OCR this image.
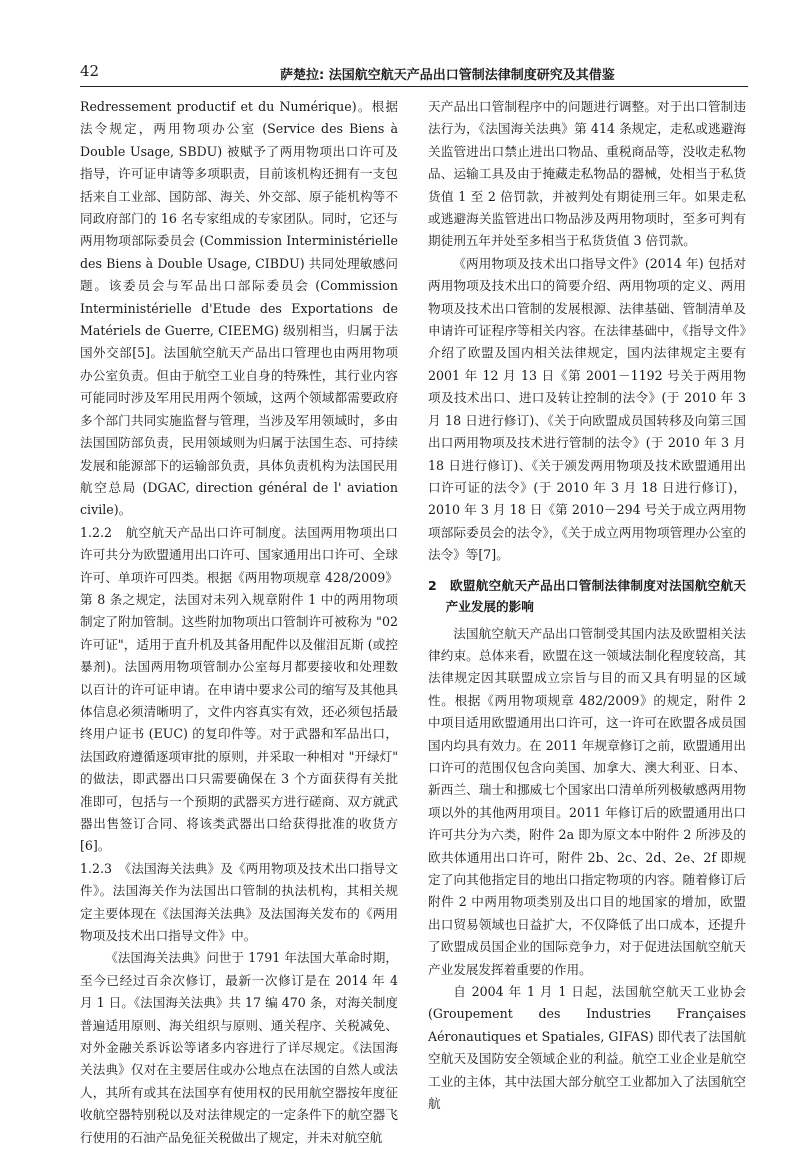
42	萨楚拉: 法国航空航天产品出口管制法律制度研究及其借鉴

Redressement productif et du Numérique)。根据法令规定，两用物项办公室 (Service des Biens à Double Usage, SBDU) 被赋予了两用物项出口许可及指导，许可证申请等多项职责，目前该机构还拥有一支包括来自工业部、国防部、海关、外交部、原子能机构等不同政府部门的 16 名专家组成的专家团队。同时，它还与两用物项部际委员会 (Commission Interministérielle des Biens à Double Usage, CIBDU) 共同处理敏感问题。该委员会与军品出口部际委员会 (Commission Interministérielle d'Etude des Exportations de Matériels de Guerre, CIEEMG) 级别相当，归属于法国外交部[5]。法国航空航天产品出口管理也由两用物项办公室负责。但由于航空工业自身的特殊性，其行业内容可能同时涉及军用民用两个领域，这两个领域都需要政府多个部门共同实施监督与管理，当涉及军用领域时，多由法国国防部负责，民用领域则为归属于法国生态、可持续发展和能源部下的运输部负责，具体负责机构为法国民用航空总局 (DGAC, direction général de l' aviation civile)。

1.2.2　航空航天产品出口许可制度。法国两用物项出口许可共分为欧盟通用出口许可、国家通用出口许可、全球许可、单项许可四类。根据《两用物项规章 428/2009》第 8 条之规定，法国对未列入规章附件 1 中的两用物项制定了附加管制。这些附加物项出口管制许可被称为 "02 许可证"，适用于直升机及其备用配件以及催泪瓦斯 (或控暴剂)。法国两用物项管制办公室每月都要接收和处理数以百计的许可证申请。在申请中要求公司的缩写及其他具体信息必须清晰明了，文件内容真实有效，还必须包括最终用户证书 (EUC) 的复印件等。对于武器和军品出口，法国政府遵循逐项审批的原则，并采取一种相对 "开绿灯" 的做法，即武器出口只需要确保在 3 个方面获得有关批准即可，包括与一个预期的武器买方进行磋商、双方就武器出售签订合同、将该类武器出口给获得批准的收货方[6]。

1.2.3　《法国海关法典》及《两用物项及技术出口指导文件》。法国海关作为法国出口管制的执法机构，其相关规定主要体现在《法国海关法典》及法国海关发布的《两用物项及技术出口指导文件》中。

《法国海关法典》问世于 1791 年法国大革命时期，至今已经过百余次修订，最新一次修订是在 2014 年 4 月 1 日。《法国海关法典》共 17 编 470 条，对海关制度普遍适用原则、海关组织与原则、通关程序、关税减免、对外金融关系诉讼等诸多内容进行了详尽规定。《法国海关法典》仅对在主要居住或办公地点在法国的自然人或法人，其所有或其在法国享有使用权的民用航空器按年度征收航空器特别税以及对法律规定的一定条件下的航空器飞行使用的石油产品免征关税做出了规定，并未对航空航

天产品出口管制程序中的问题进行调整。对于出口管制违法行为，《法国海关法典》第 414 条规定，走私或逃避海关监管进出口禁止进出口物品、重税商品等，没收走私物品、运输工具及由于掩藏走私物品的器械，处相当于私货货值 1 至 2 倍罚款，并被判处有期徒刑三年。如果走私或逃避海关监管进出口物品涉及两用物项时，至多可判有期徒刑五年并处至多相当于私货货值 3 倍罚款。

《两用物项及技术出口指导文件》(2014 年) 包括对两用物项及技术出口的简要介绍、两用物项的定义、两用物项及技术出口管制的发展根源、法律基础、管制清单及申请许可证程序等相关内容。在法律基础中，《指导文件》介绍了欧盟及国内相关法律规定，国内法律规定主要有 2001 年 12 月 13 日《第 2001－1192 号关于两用物项及技术出口、进口及转让控制的法令》(于 2010 年 3 月 18 日进行修订)、《关于向欧盟成员国转移及向第三国出口两用物项及技术进行管制的法令》(于 2010 年 3 月 18 日进行修订)、《关于颁发两用物项及技术欧盟通用出口许可证的法令》(于 2010 年 3 月 18 日进行修订)，2010 年 3 月 18 日《第 2010－294 号关于成立两用物项部际委员会的法令》，《关于成立两用物项管理办公室的法令》等[7]。

2　欧盟航空航天产品出口管制法律制度对法国航空航天产业发展的影响

法国航空航天产品出口管制受其国内法及欧盟相关法律约束。总体来看，欧盟在这一领域法制化程度较高，其法律规定因其联盟成立宗旨与目的而又具有明显的区域性。根据《两用物项规章 482/2009》的规定，附件 2 中项目适用欧盟通用出口许可，这一许可在欧盟各成员国国内均具有效力。在 2011 年规章修订之前，欧盟通用出口许可的范围仅包含向美国、加拿大、澳大利亚、日本、新西兰、瑞士和挪威七个国家出口清单所列极敏感两用物项以外的其他两用项目。2011 年修订后的欧盟通用出口许可共分为六类，附件 2a 即为原文本中附件 2 所涉及的欧共体通用出口许可，附件 2b、2c、2d、2e、2f 即规定了向其他指定目的地出口指定物项的内容。随着修订后附件 2 中两用物项类别及出口目的地国家的增加，欧盟出口贸易领域也日益扩大，不仅降低了出口成本，还提升了欧盟成员国企业的国际竞争力，对于促进法国航空航天产业发展发挥着重要的作用。

自 2004 年 1 月 1 日起，法国航空航天工业协会 (Groupement des Industries Françaises Aéronautiques et Spatiales, GIFAS) 即代表了法国航空航天及国防安全领域企业的利益。航空工业企业是航空工业的主体，其中法国大部分航空工业都加入了法国航空航
